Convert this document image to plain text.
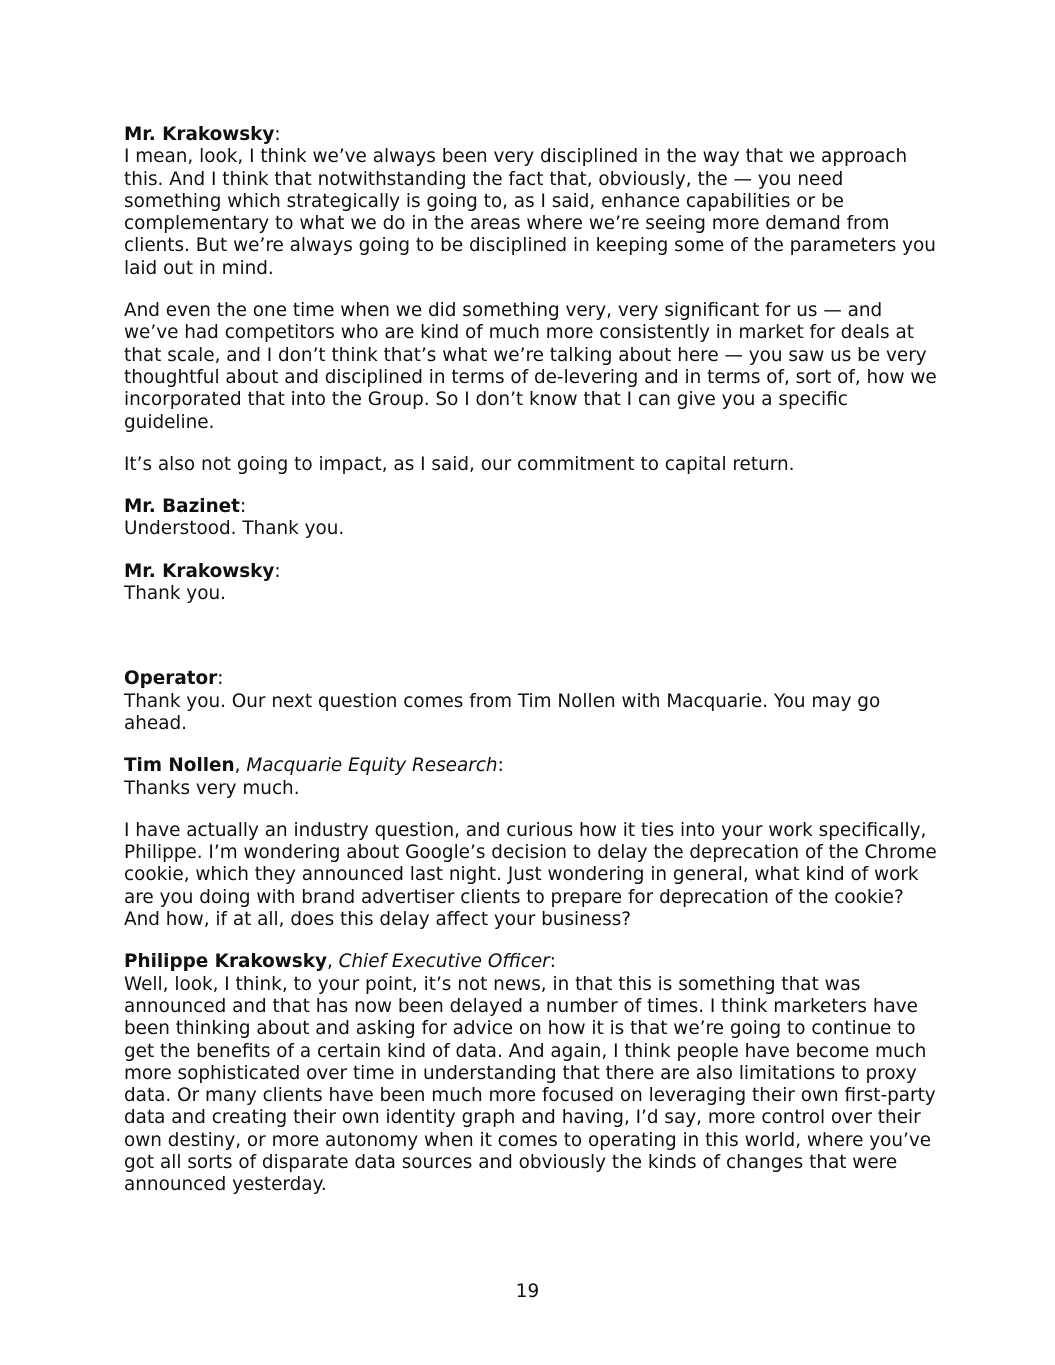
Mr. Krakowsky:

I mean, look, I think we’ve always been very disciplined in the way that we approach this. And I think that notwithstanding the fact that, obviously, the — you need something which strategically is going to, as I said, enhance capabilities or be complementary to what we do in the areas where we’re seeing more demand from clients. But we’re always going to be disciplined in keeping some of the parameters you laid out in mind.

And even the one time when we did something very, very significant for us — and we’ve had competitors who are kind of much more consistently in market for deals at that scale, and I don’t think that’s what we’re talking about here — you saw us be very thoughtful about and disciplined in terms of de-levering and in terms of, sort of, how we incorporated that into the Group. So I don’t know that I can give you a specific guideline.

It’s also not going to impact, as I said, our commitment to capital return.

Mr. Bazinet:

Understood. Thank you.

Mr. Krakowsky:

Thank you.

Operator:

Thank you. Our next question comes from Tim Nollen with Macquarie. You may go ahead.

Tim Nollen, Macquarie Equity Research:

Thanks very much.

I have actually an industry question, and curious how it ties into your work specifically, Philippe. I’m wondering about Google’s decision to delay the deprecation of the Chrome cookie, which they announced last night. Just wondering in general, what kind of work are you doing with brand advertiser clients to prepare for deprecation of the cookie? And how, if at all, does this delay affect your business?

Philippe Krakowsky, Chief Executive Officer:

Well, look, I think, to your point, it’s not news, in that this is something that was announced and that has now been delayed a number of times. I think marketers have been thinking about and asking for advice on how it is that we’re going to continue to get the benefits of a certain kind of data. And again, I think people have become much more sophisticated over time in understanding that there are also limitations to proxy data. Or many clients have been much more focused on leveraging their own first-party data and creating their own identity graph and having, I’d say, more control over their own destiny, or more autonomy when it comes to operating in this world, where you’ve got all sorts of disparate data sources and obviously the kinds of changes that were announced yesterday.

19
